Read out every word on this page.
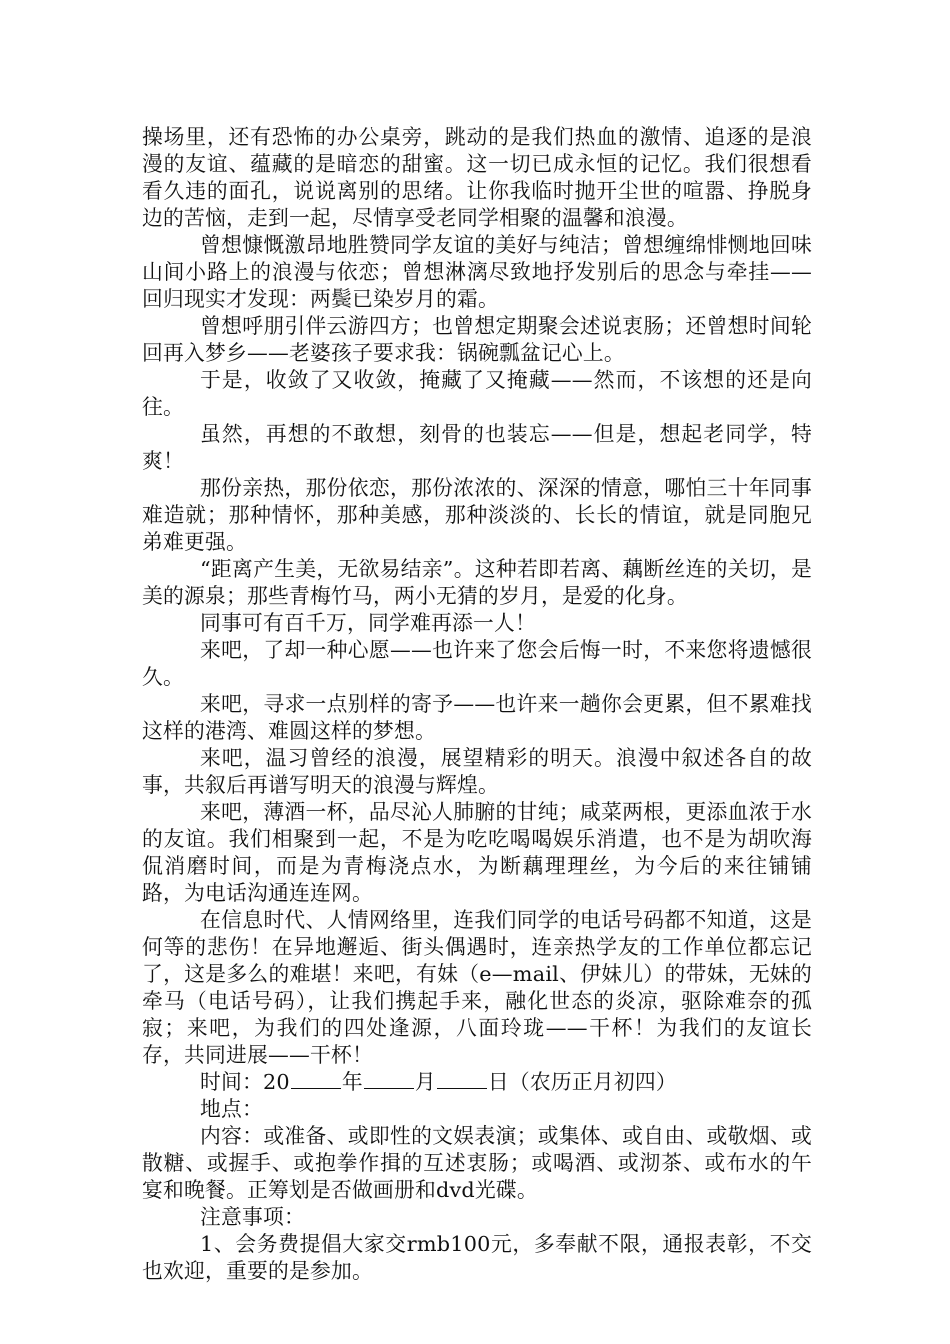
操场里，还有恐怖的办公桌旁，跳动的是我们热血的激情、追逐的是浪漫的友谊、蕴藏的是暗恋的甜蜜。这一切已成永恒的记忆。我们很想看看久违的面孔，说说离别的思绪。让你我临时抛开尘世的喧嚣、挣脱身边的苦恼，走到一起，尽情享受老同学相聚的温馨和浪漫。

曾想慷慨激昂地胜赞同学友谊的美好与纯洁；曾想缠绵悱恻地回味山间小路上的浪漫与依恋；曾想淋漓尽致地抒发别后的思念与牵挂——回归现实才发现：两鬓已染岁月的霜。

曾想呼朋引伴云游四方；也曾想定期聚会述说衷肠；还曾想时间轮回再入梦乡——老婆孩子要求我：锅碗瓢盆记心上。

于是，收敛了又收敛，掩藏了又掩藏——然而，不该想的还是向往。

虽然，再想的不敢想，刻骨的也装忘——但是，想起老同学，特爽！

那份亲热，那份依恋，那份浓浓的、深深的情意，哪怕三十年同事难造就；那种情怀，那种美感，那种淡淡的、长长的情谊，就是同胞兄弟难更强。

“距离产生美，无欲易结亲”。这种若即若离、藕断丝连的关切，是美的源泉；那些青梅竹马，两小无猜的岁月，是爱的化身。

同事可有百千万，同学难再添一人！

来吧，了却一种心愿——也许来了您会后悔一时，不来您将遗憾很久。

来吧，寻求一点别样的寄予——也许来一趟你会更累，但不累难找这样的港湾、难圆这样的梦想。

来吧，温习曾经的浪漫，展望精彩的明天。浪漫中叙述各自的故事，共叙后再谱写明天的浪漫与辉煌。

来吧，薄酒一杯，品尽沁人肺腑的甘纯；咸菜两根，更添血浓于水的友谊。我们相聚到一起，不是为吃吃喝喝娱乐消遣，也不是为胡吹海侃消磨时间，而是为青梅浇点水，为断藕理理丝，为今后的来往铺铺路，为电话沟通连连网。

在信息时代、人情网络里，连我们同学的电话号码都不知道，这是何等的悲伤！在异地邂逅、街头偶遇时，连亲热学友的工作单位都忘记了，这是多么的难堪！来吧，有妹（e—mail、伊妹儿）的带妹，无妹的牵马（电话号码），让我们携起手来，融化世态的炎凉，驱除难奈的孤寂；来吧，为我们的四处逢源，八面玲珑——干杯！为我们的友谊长存，共同进展——干杯！

时间：20	年	月	日（农历正月初四）

地点：

内容：或准备、或即性的文娱表演；或集体、或自由、或敬烟、或散糖、或握手、或抱拳作揖的互述衷肠；或喝酒、或沏茶、或布水的午宴和晚餐。正筹划是否做画册和dvd光碟。

注意事项：

1、会务费提倡大家交rmb100元，多奉献不限，通报表彰，不交也欢迎，重要的是参加。
